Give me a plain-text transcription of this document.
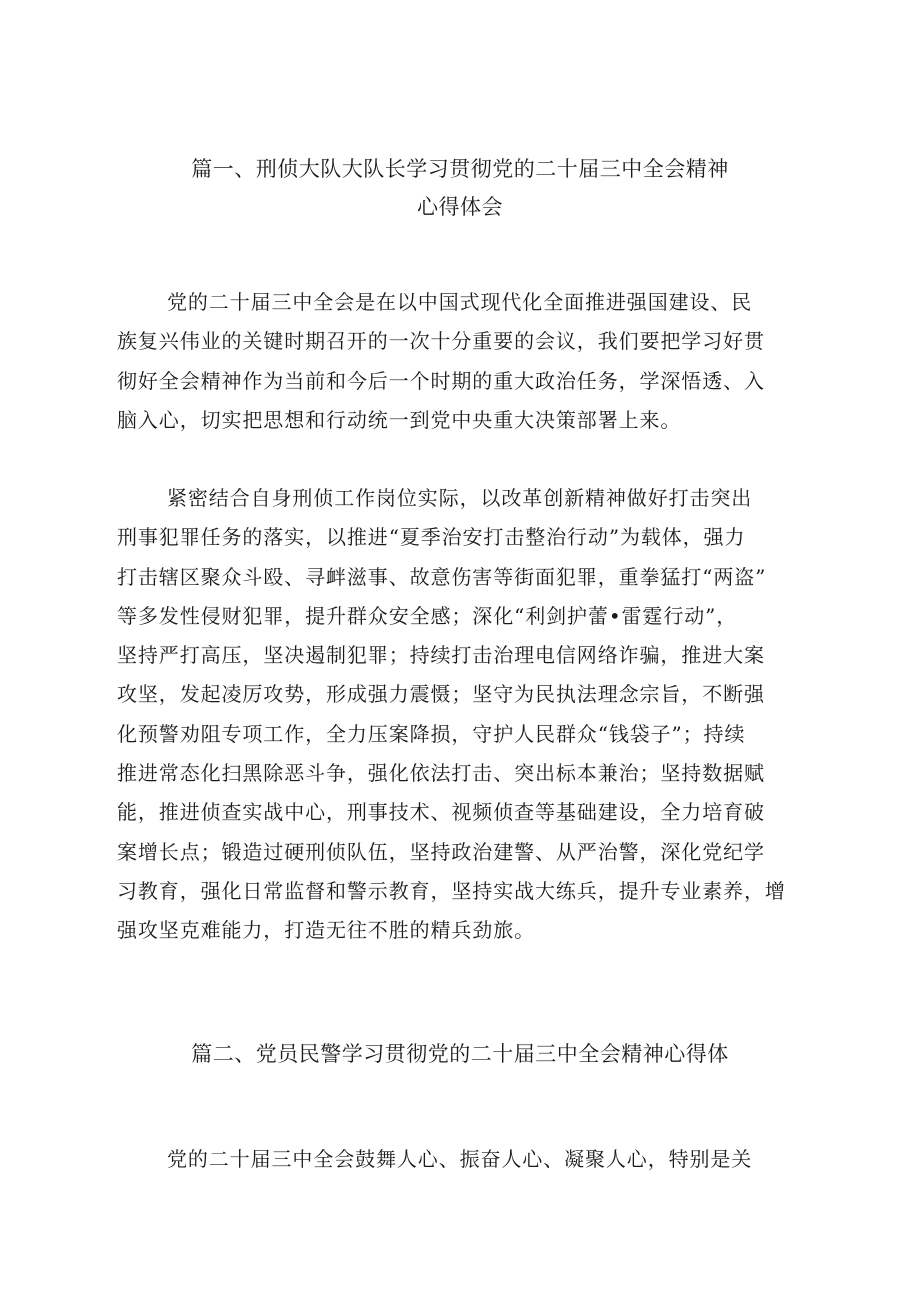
篇一、刑侦大队大队长学习贯彻党的二十届三中全会精神
心得体会

党的二十届三中全会是在以中国式现代化全面推进强国建设、民
族复兴伟业的关键时期召开的一次十分重要的会议，我们要把学习好贯
彻好全会精神作为当前和今后一个时期的重大政治任务，学深悟透、入
脑入心，切实把思想和行动统一到党中央重大决策部署上来。

紧密结合自身刑侦工作岗位实际，以改革创新精神做好打击突出
刑事犯罪任务的落实，以推进“夏季治安打击整治行动”为载体，强力
打击辖区聚众斗殴、寻衅滋事、故意伤害等街面犯罪，重拳猛打“两盗”
等多发性侵财犯罪，提升群众安全感；深化“利剑护蕾•雷霆行动”，
坚持严打高压，坚决遏制犯罪；持续打击治理电信网络诈骗，推进大案
攻坚，发起凌厉攻势，形成强力震慑；坚守为民执法理念宗旨，不断强
化预警劝阻专项工作，全力压案降损，守护人民群众“钱袋子”；持续
推进常态化扫黑除恶斗争，强化依法打击、突出标本兼治；坚持数据赋
能，推进侦查实战中心，刑事技术、视频侦查等基础建设，全力培育破
案增长点；锻造过硬刑侦队伍，坚持政治建警、从严治警，深化党纪学
习教育，强化日常监督和警示教育，坚持实战大练兵，提升专业素养，增
强攻坚克难能力，打造无往不胜的精兵劲旅。

篇二、党员民警学习贯彻党的二十届三中全会精神心得体

党的二十届三中全会鼓舞人心、振奋人心、凝聚人心，特别是关
